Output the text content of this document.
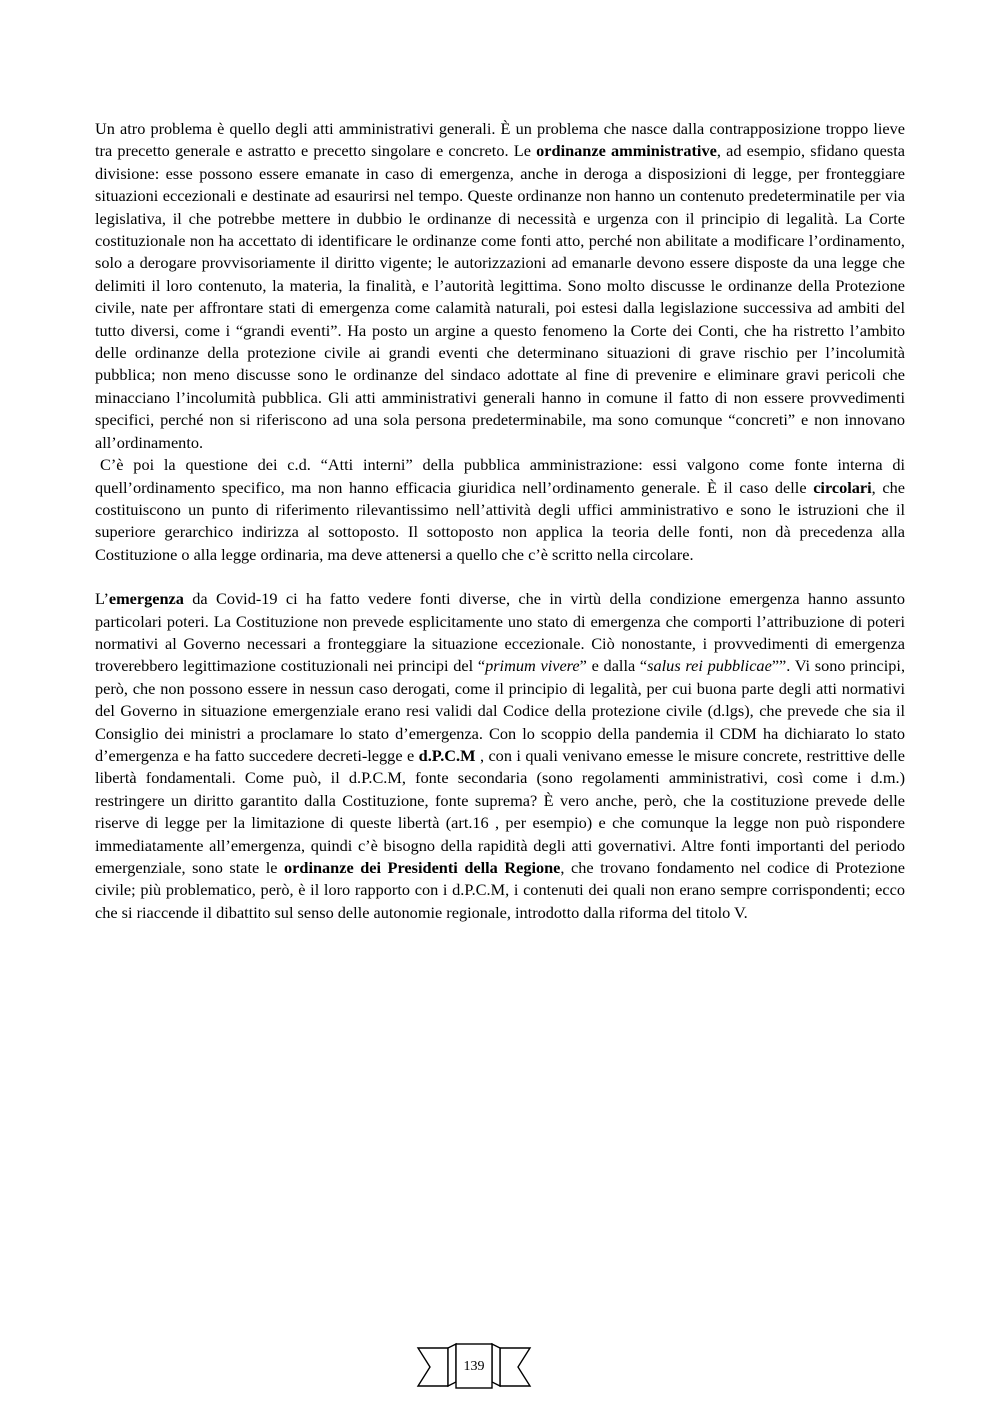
Un atro problema è quello degli atti amministrativi generali. È un problema che nasce dalla contrapposizione troppo lieve tra precetto generale e astratto e precetto singolare e concreto. Le ordinanze amministrative, ad esempio, sfidano questa divisione: esse possono essere emanate in caso di emergenza, anche in deroga a disposizioni di legge, per fronteggiare situazioni eccezionali e destinate ad esaurirsi nel tempo. Queste ordinanze non hanno un contenuto predeterminatile per via legislativa, il che potrebbe mettere in dubbio le ordinanze di necessità e urgenza con il principio di legalità. La Corte costituzionale non ha accettato di identificare le ordinanze come fonti atto, perché non abilitate a modificare l’ordinamento, solo a derogare provvisoriamente il diritto vigente; le autorizzazioni ad emanarle devono essere disposte da una legge che delimiti il loro contenuto, la materia, la finalità, e l’autorità legittima. Sono molto discusse le ordinanze della Protezione civile, nate per affrontare stati di emergenza come calamità naturali, poi estesi dalla legislazione successiva ad ambiti del tutto diversi, come i “grandi eventi”. Ha posto un argine a questo fenomeno la Corte dei Conti, che ha ristretto l’ambito delle ordinanze della protezione civile ai grandi eventi che determinano situazioni di grave rischio per l’incolumità pubblica; non meno discusse sono le ordinanze del sindaco adottate al fine di prevenire e eliminare gravi pericoli che minacciano l’incolumità pubblica. Gli atti amministrativi generali hanno in comune il fatto di non essere provvedimenti specifici, perché non si riferiscono ad una sola persona predeterminabile, ma sono comunque “concreti” e non innovano all’ordinamento.

C’è poi la questione dei c.d. “Atti interni” della pubblica amministrazione: essi valgono come fonte interna di quell’ordinamento specifico, ma non hanno efficacia giuridica nell’ordinamento generale. È il caso delle circolari, che costituiscono un punto di riferimento rilevantissimo nell’attività degli uffici amministrativo e sono le istruzioni che il superiore gerarchico indirizza al sottoposto. Il sottoposto non applica la teoria delle fonti, non dà precedenza alla Costituzione o alla legge ordinaria, ma deve attenersi a quello che c’è scritto nella circolare.

L’emergenza da Covid-19 ci ha fatto vedere fonti diverse, che in virtù della condizione emergenza hanno assunto particolari poteri. La Costituzione non prevede esplicitamente uno stato di emergenza che comporti l’attribuzione di poteri normativi al Governo necessari a fronteggiare la situazione eccezionale. Ciò nonostante, i provvedimenti di emergenza troverebbero legittimazione costituzionali nei principi del “primum vivere” e dalla “salus rei pubblicae””. Vi sono principi, però, che non possono essere in nessun caso derogati, come il principio di legalità, per cui buona parte degli atti normativi del Governo in situazione emergenziale erano resi validi dal Codice della protezione civile (d.lgs), che prevede che sia il Consiglio dei ministri a proclamare lo stato d’emergenza. Con lo scoppio della pandemia il CDM ha dichiarato lo stato d’emergenza e ha fatto succedere decreti-legge e d.P.C.M , con i quali venivano emesse le misure concrete, restrittive delle libertà fondamentali. Come può, il d.P.C.M, fonte secondaria (sono regolamenti amministrativi, così come i d.m.) restringere un diritto garantito dalla Costituzione, fonte suprema? È vero anche, però, che la costituzione prevede delle riserve di legge per la limitazione di queste libertà (art.16 , per esempio) e che comunque la legge non può rispondere immediatamente all’emergenza, quindi c’è bisogno della rapidità degli atti governativi. Altre fonti importanti del periodo emergenziale, sono state le ordinanze dei Presidenti della Regione, che trovano fondamento nel codice di Protezione civile; più problematico, però, è il loro rapporto con i d.P.C.M, i contenuti dei quali non erano sempre corrispondenti; ecco che si riaccende il dibattito sul senso delle autonomie regionale, introdotto dalla riforma del titolo V.

139
